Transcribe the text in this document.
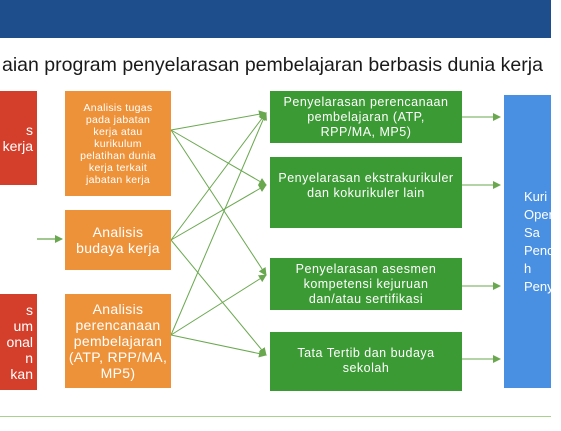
aian program penyelarasan pembelajaran berbasis dunia kerja
s
kerja
s
um
onal
n
kan
Analisis tugas
pada jabatan
kerja atau
kurikulum
pelatihan dunia
kerja terkait
jabatan kerja
Analisis
budaya kerja
Analisis
perencanaan
pembelajaran
(ATP, RPP/MA,
MP5)
Penyelarasan perencanaan
pembelajaran (ATP,
RPP/MA, MP5)
Penyelarasan ekstrakurikuler
dan kokurikuler lain
Penyelarasan asesmen
kompetensi kejuruan
dan/atau sertifikasi
Tata Tertib dan budaya
sekolah
Kuri
Oper
Sa
Pend
h
Penye
